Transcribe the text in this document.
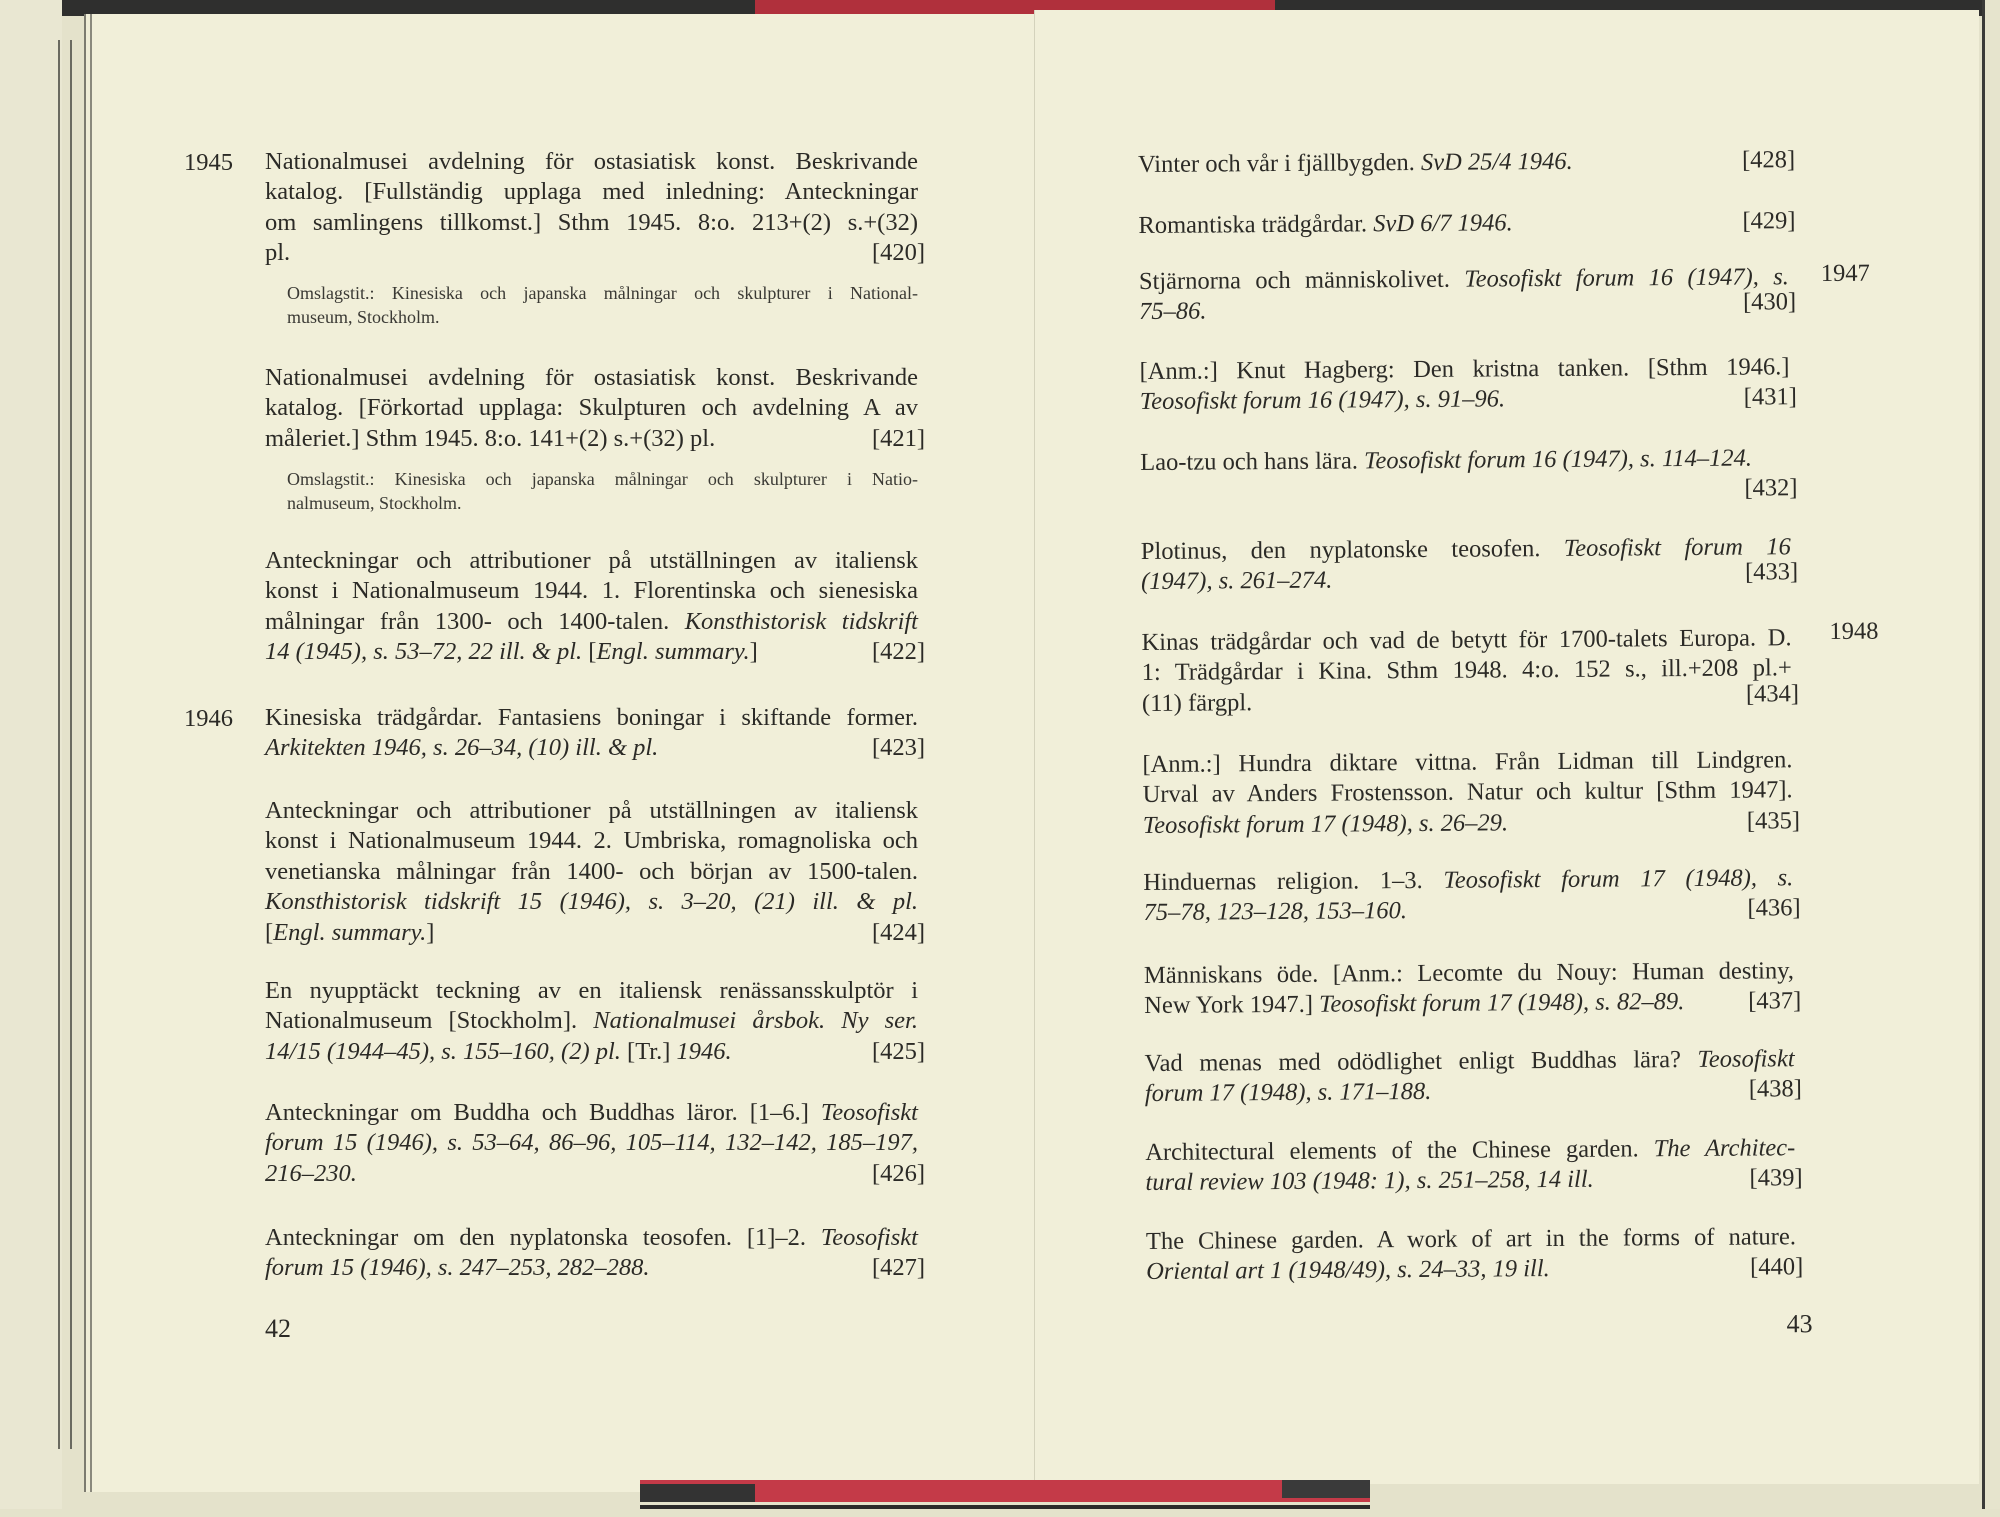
1945
1946
42
Nationalmusei avdelning för ostasiatisk konst. Beskrivande
katalog. [Fullständig upplaga med inledning: Anteckningar
om samlingens tillkomst.] Sthm 1945. 8:o. 213+(2) s.+(32)
pl.	[420]
Omslagstit.: Kinesiska och japanska målningar och skulpturer i National-
museum, Stockholm.
Nationalmusei avdelning för ostasiatisk konst. Beskrivande
katalog. [Förkortad upplaga: Skulpturen och avdelning A av
måleriet.] Sthm 1945. 8:o. 141+(2) s.+(32) pl.	[421]
Omslagstit.: Kinesiska och japanska målningar och skulpturer i Natio-
nalmuseum, Stockholm.
Anteckningar och attributioner på utställningen av italiensk
konst i Nationalmuseum 1944. 1. Florentinska och sienesiska
målningar från 1300- och 1400-talen. Konsthistorisk tidskrift
14 (1945), s. 53–72, 22 ill. & pl. [Engl. summary.]	[422]
Kinesiska trädgårdar. Fantasiens boningar i skiftande former.
Arkitekten 1946, s. 26–34, (10) ill. & pl.	[423]
Anteckningar och attributioner på utställningen av italiensk
konst i Nationalmuseum 1944. 2. Umbriska, romagnoliska och
venetianska målningar från 1400- och början av 1500-talen.
Konsthistorisk tidskrift 15 (1946), s. 3–20, (21) ill. & pl.
[Engl. summary.]	[424]
En nyupptäckt teckning av en italiensk renässansskulptör i
Nationalmuseum [Stockholm]. Nationalmusei årsbok. Ny ser.
14/15 (1944–45), s. 155–160, (2) pl. [Tr.] 1946.	[425]
Anteckningar om Buddha och Buddhas läror. [1–6.] Teosofiskt
forum 15 (1946), s. 53–64, 86–96, 105–114, 132–142, 185–197,
216–230.	[426]
Anteckningar om den nyplatonska teosofen. [1]–2. Teosofiskt
forum 15 (1946), s. 247–253, 282–288.	[427]
1947
1948
43
Vinter och vår i fjällbygden. SvD 25/4 1946.	[428]
Romantiska trädgårdar. SvD 6/7 1946.	[429]
Stjärnorna och människolivet. Teosofiskt forum 16 (1947), s.
75–86.	[430]
[Anm.:] Knut Hagberg: Den kristna tanken. [Sthm 1946.]
Teosofiskt forum 16 (1947), s. 91–96.	[431]
Lao-tzu och hans lära. Teosofiskt forum 16 (1947), s. 114–124.
[432]
Plotinus, den nyplatonske teosofen. Teosofiskt forum 16
(1947), s. 261–274.	[433]
Kinas trädgårdar och vad de betytt för 1700-talets Europa. D.
1: Trädgårdar i Kina. Sthm 1948. 4:o. 152 s., ill.+208 pl.+
(11) färgpl.	[434]
[Anm.:] Hundra diktare vittna. Från Lidman till Lindgren.
Urval av Anders Frostensson. Natur och kultur [Sthm 1947].
Teosofiskt forum 17 (1948), s. 26–29.	[435]
Hinduernas religion. 1–3. Teosofiskt forum 17 (1948), s.
75–78, 123–128, 153–160.	[436]
Människans öde. [Anm.: Lecomte du Nouy: Human destiny,
New York 1947.] Teosofiskt forum 17 (1948), s. 82–89.	[437]
Vad menas med odödlighet enligt Buddhas lära? Teosofiskt
forum 17 (1948), s. 171–188.	[438]
Architectural elements of the Chinese garden. The Architec-
tural review 103 (1948: 1), s. 251–258, 14 ill.	[439]
The Chinese garden. A work of art in the forms of nature.
Oriental art 1 (1948/49), s. 24–33, 19 ill.	[440]
